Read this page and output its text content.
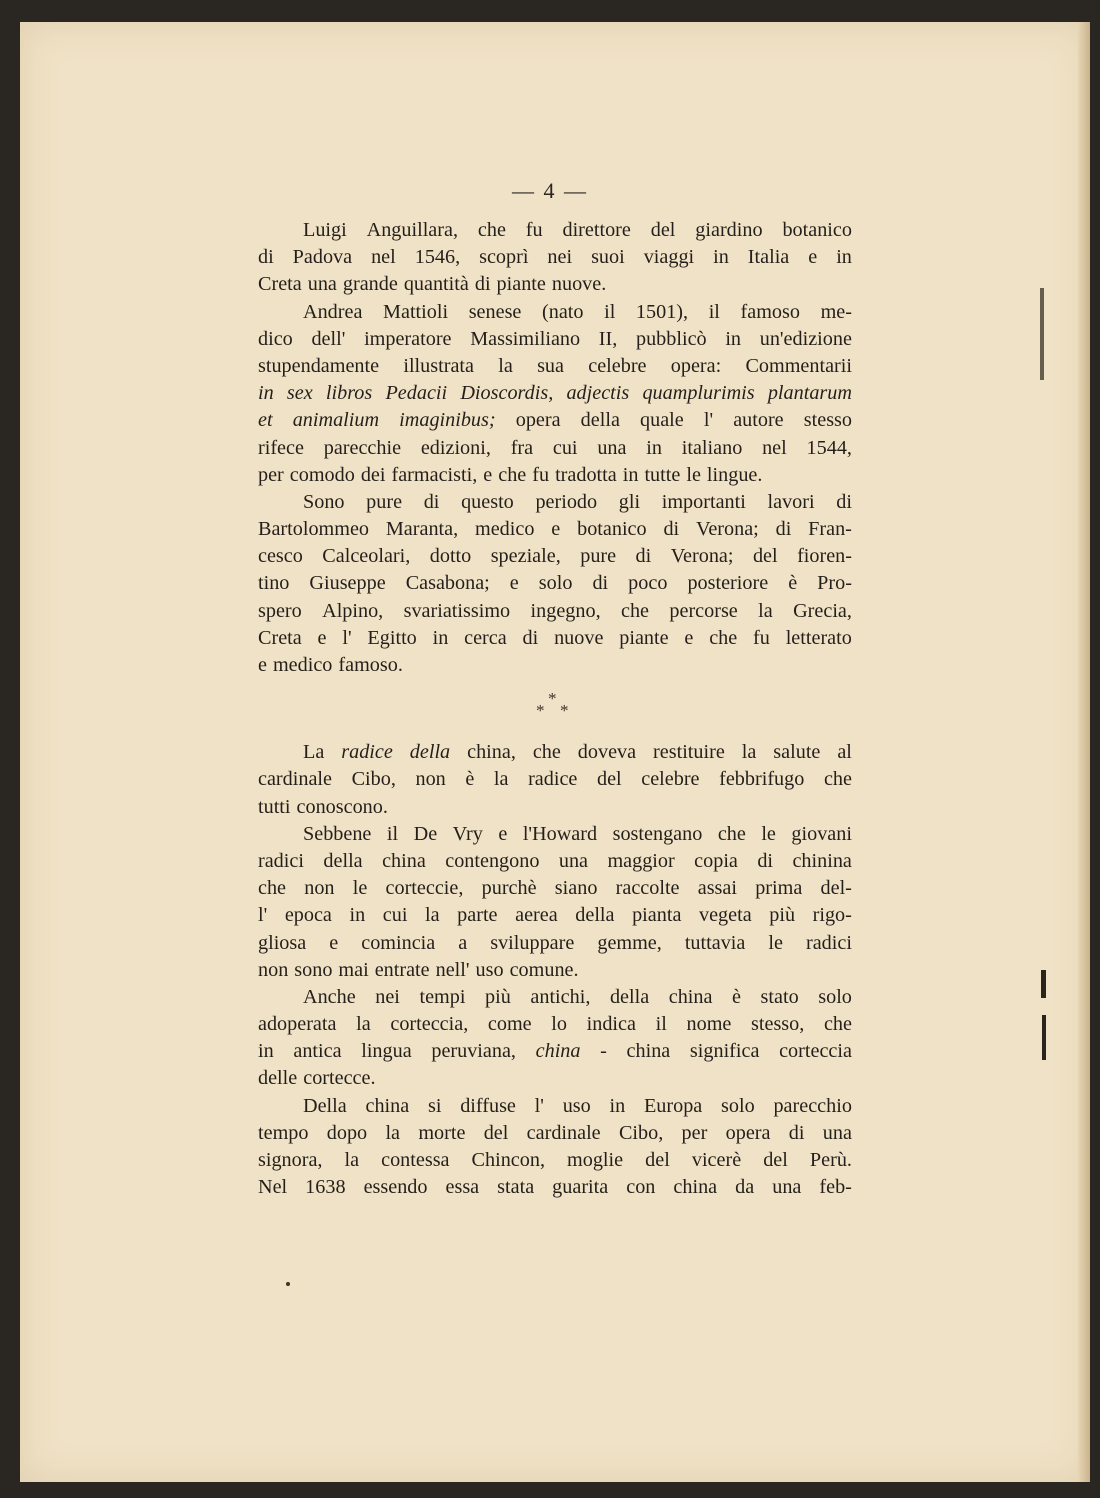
— 4 —
Luigi Anguillara, che fu direttore del giardino botanico
di Padova nel 1546, scoprì nei suoi viaggi in Italia e in
Creta una grande quantità di piante nuove.
Andrea Mattioli senese (nato il 1501), il famoso me-
dico dell' imperatore Massimiliano II, pubblicò in un'edizione
stupendamente illustrata la sua celebre opera: Commentarii
in sex libros Pedacii Dioscordis, adjectis quamplurimis plantarum
et animalium imaginibus; opera della quale l' autore stesso
rifece parecchie edizioni, fra cui una in italiano nel 1544,
per comodo dei farmacisti, e che fu tradotta in tutte le lingue.
Sono pure di questo periodo gli importanti lavori di
Bartolommeo Maranta, medico e botanico di Verona; di Fran-
cesco Calceolari, dotto speziale, pure di Verona; del fioren-
tino Giuseppe Casabona; e solo di poco posteriore è Pro-
spero Alpino, svariatissimo ingegno, che percorse la Grecia,
Creta e l' Egitto in cerca di nuove piante e che fu letterato
e medico famoso.
*
* *
La radice della china, che doveva restituire la salute al
cardinale Cibo, non è la radice del celebre febbrifugo che
tutti conoscono.
Sebbene il De Vry e l'Howard sostengano che le giovani
radici della china contengono una maggior copia di chinina
che non le corteccie, purchè siano raccolte assai prima del-
l' epoca in cui la parte aerea della pianta vegeta più rigo-
gliosa e comincia a sviluppare gemme, tuttavia le radici
non sono mai entrate nell' uso comune.
Anche nei tempi più antichi, della china è stato solo
adoperata la corteccia, come lo indica il nome stesso, che
in antica lingua peruviana, china - china significa corteccia
delle cortecce.
Della china si diffuse l' uso in Europa solo parecchio
tempo dopo la morte del cardinale Cibo, per opera di una
signora, la contessa Chincon, moglie del vicerè del Perù.
Nel 1638 essendo essa stata guarita con china da una feb-
